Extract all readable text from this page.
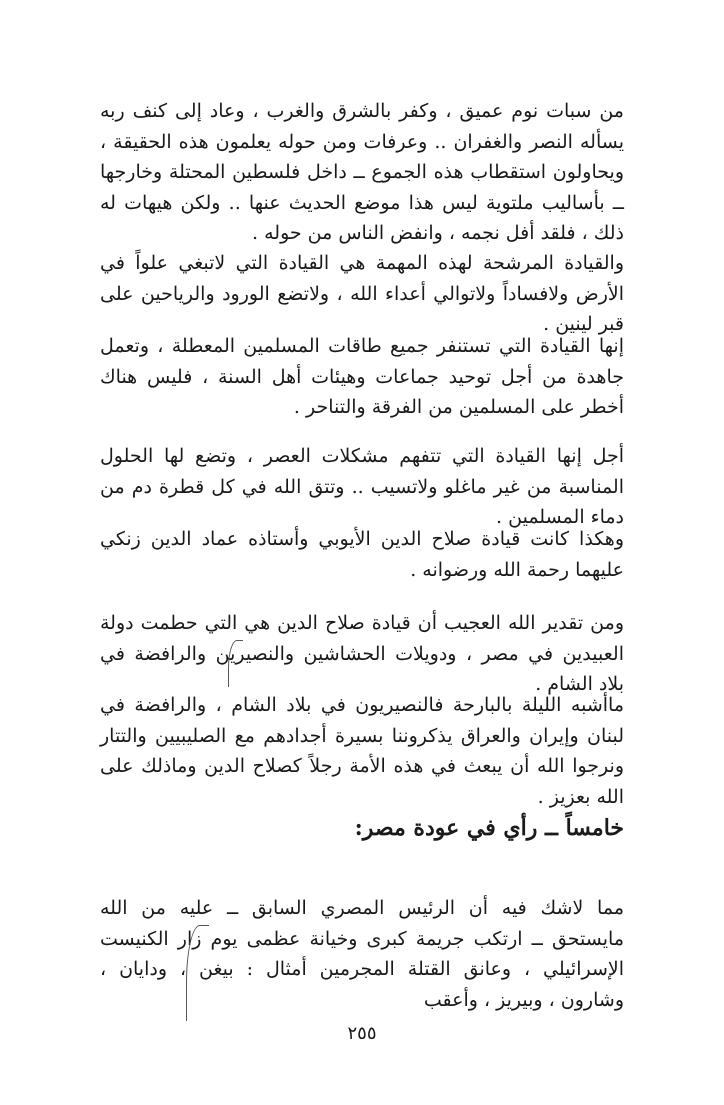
من سبات نوم عميق ، وكفر بالشرق والغرب ، وعاد إلى كنف ربه يسأله النصر والغفران .. وعرفات ومن حوله يعلمون هذه الحقيقة ، ويحاولون استقطاب هذه الجموع ــ داخل فلسطين المحتلة وخارجها ــ بأساليب ملتوية ليس هذا موضع الحديث عنها .. ولكن هيهات له ذلك ، فلقد أفل نجمه ، وانفض الناس من حوله .

والقيادة المرشحة لهذه المهمة هي القيادة التي لاتبغي علواً في الأرض ولافساداً ولاتوالي أعداء الله ، ولاتضع الورود والرياحين على قبر لينين .

إنها القيادة التي تستنفر جميع طاقات المسلمين المعطلة ، وتعمل جاهدة من أجل توحيد جماعات وهيئات أهل السنة ، فليس هناك أخطر على المسلمين من الفرقة والتناحر .

أجل إنها القيادة التي تتفهم مشكلات العصر ، وتضع لها الحلول المناسبة من غير ماغلو ولاتسيب .. وتتق الله في كل قطرة دم من دماء المسلمين .

وهكذا كانت قيادة صلاح الدين الأيوبي وأستاذه عماد الدين زنكي عليهما رحمة الله ورضوانه .

ومن تقدير الله العجيب أن قيادة صلاح الدين هي التي حطمت دولة العبيدين في مصر ، ودويلات الحشاشين والنصيرين والرافضة في بلاد الشام .

ماأشبه الليلة بالبارحة فالنصيريون في بلاد الشام ، والرافضة في لبنان وإيران والعراق يذكروننا بسيرة أجدادهم مع الصليبيين والتتار ونرجوا الله أن يبعث في هذه الأمة رجلاً كصلاح الدين وماذلك على الله بعزيز .

خامساً ــ رأي في عودة مصر:

مما لاشك فيه أن الرئيس المصري السابق ــ عليه من الله مايستحق ــ ارتكب جريمة كبرى وخيانة عظمى يوم زار الكنيست الإسرائيلي ، وعانق القتلة المجرمين أمثال : بيغن ، ودايان ، وشارون ، وبيريز ، وأعقب

٢٥٥
